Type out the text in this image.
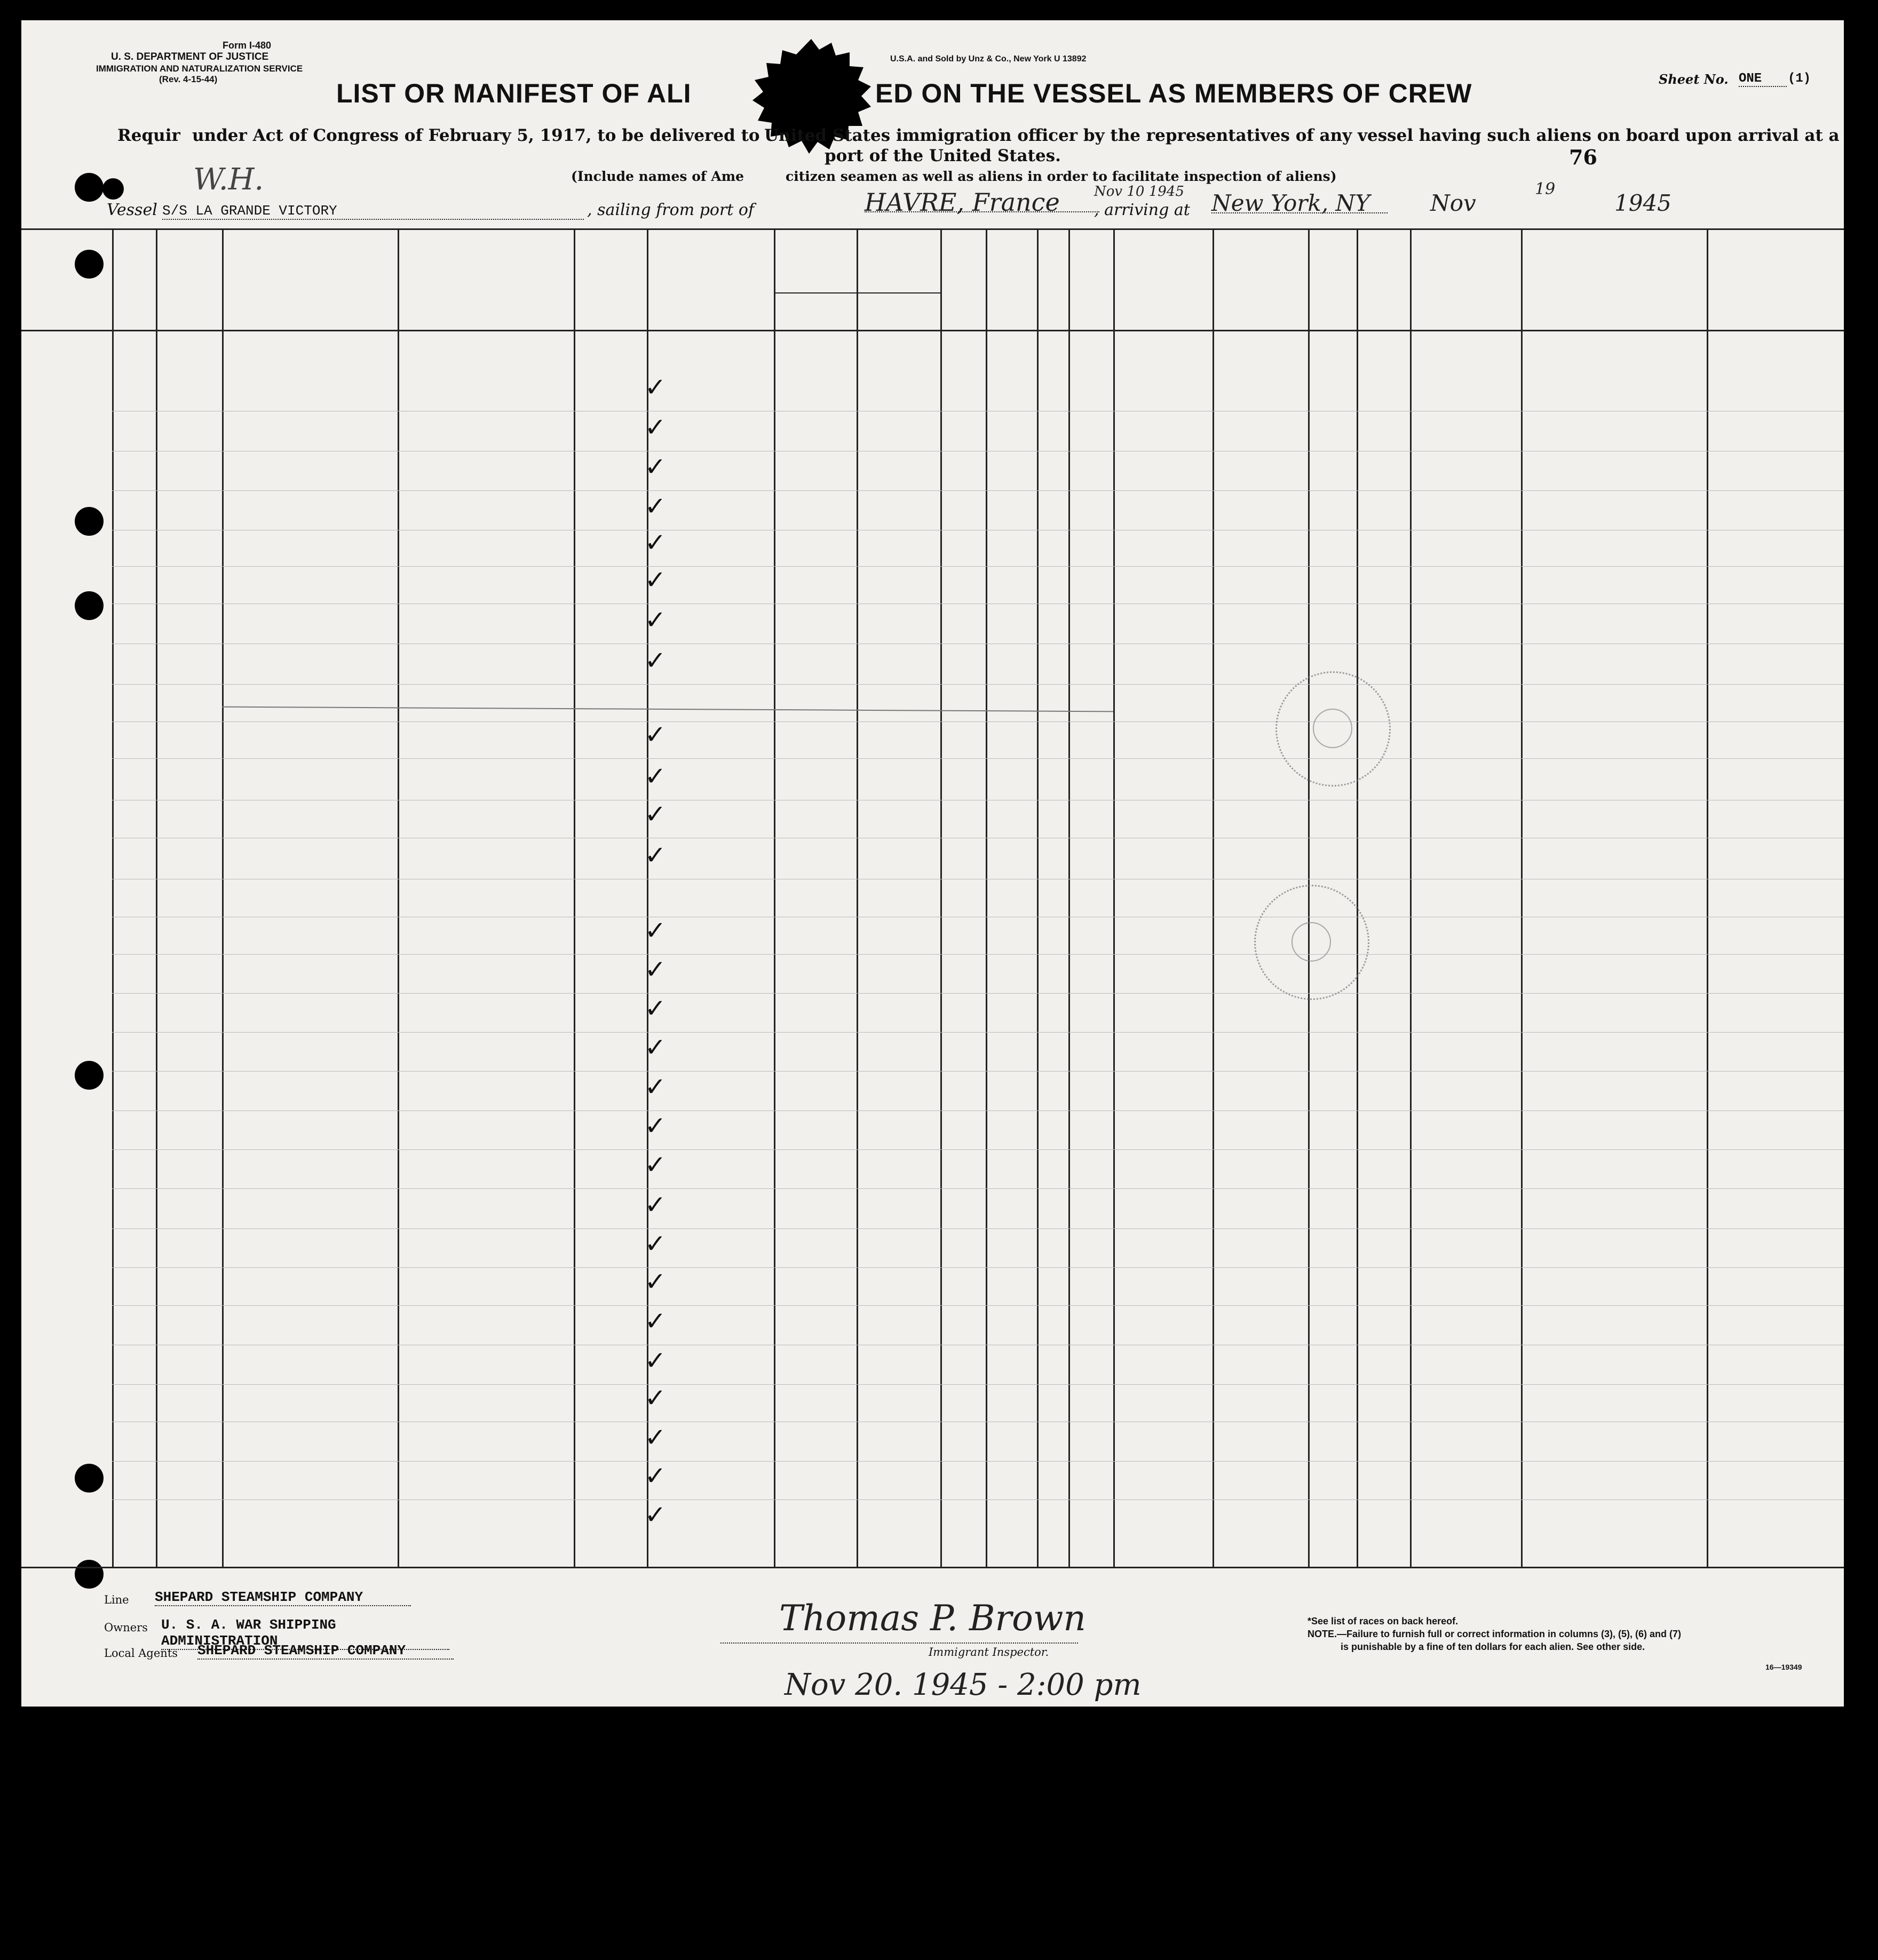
Form I-480
U. S. DEPARTMENT OF JUSTICE
IMMIGRATION AND NATURALIZATION SERVICE
(Rev. 4-15-44)
U.S.A. and Sold by Unz & Co., New York U 13892
Sheet No. ONE	(1)
LIST OR MANIFEST OF ALI	ED ON THE VESSEL AS MEMBERS OF CREW
Requir under Act of Congress of February 5, 1917, to be delivered to United States immigration officer by the representatives of any vessel having such aliens on board upon arrival at a
port of the United States.	76
(Include names of Ame	citizen seamen as well as aliens in order to facilitate inspection of aliens)
W.H.
Vessel S/S LA GRANDE VICTORY	, sailing from port of	HAVRE, France	Nov 10 1945
, arriving at New York, NY	Nov
19
1945
✓
✓
✓
✓
✓
✓
✓
✓
✓
✓
✓
✓
✓
✓
✓
✓
✓
✓
✓
✓
✓
✓
✓
✓
✓
✓
✓
✓
Line SHEPARD STEAMSHIP COMPANY
Owners U. S. A. WAR SHIPPING ADMINISTRATION
Local Agents SHEPARD STEAMSHIP COMPANY
Thomas P. Brown
Immigrant Inspector.
Nov 20. 1945 - 2:00 pm
*See list of races on back hereof.
NOTE.—Failure to furnish full or correct information in columns (3), (5), (6) and (7)
is punishable by a fine of ten dollars for each alien. See other side.
16—19349
